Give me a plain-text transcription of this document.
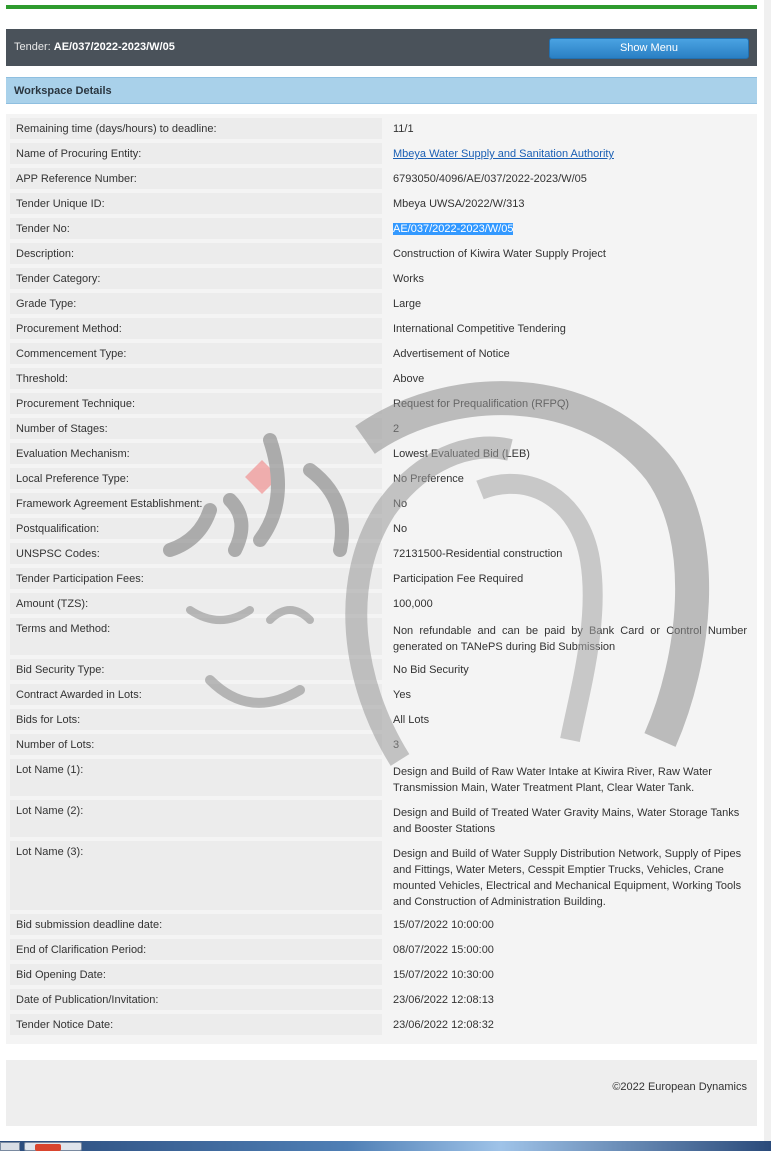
Tender: AE/037/2022-2023/W/05	Show Menu
Workspace Details
Remaining time (days/hours) to deadline:	11/1
Name of Procuring Entity:	Mbeya Water Supply and Sanitation Authority
APP Reference Number:	6793050/4096/AE/037/2022-2023/W/05
Tender Unique ID:	Mbeya UWSA/2022/W/313
Tender No:	AE/037/2022-2023/W/05
Description:	Construction of Kiwira Water Supply Project
Tender Category:	Works
Grade Type:	Large
Procurement Method:	International Competitive Tendering
Commencement Type:	Advertisement of Notice
Threshold:	Above
Procurement Technique:	Request for Prequalification (RFPQ)
Number of Stages:	2
Evaluation Mechanism:	Lowest Evaluated Bid (LEB)
Local Preference Type:	No Preference
Framework Agreement Establishment:	No
Postqualification:	No
UNSPSC Codes:	72131500-Residential construction
Tender Participation Fees:	Participation Fee Required
Amount (TZS):	100,000
Terms and Method:	Non refundable and can be paid by Bank Card or Control Number generated on TANePS during Bid Submission
Bid Security Type:	No Bid Security
Contract Awarded in Lots:	Yes
Bids for Lots:	All Lots
Number of Lots:	3
Lot Name (1):	Design and Build of Raw Water Intake at Kiwira River, Raw Water Transmission Main, Water Treatment Plant, Clear Water Tank.
Lot Name (2):	Design and Build of Treated Water Gravity Mains, Water Storage Tanks and Booster Stations
Lot Name (3):	Design and Build of Water Supply Distribution Network, Supply of Pipes and Fittings, Water Meters, Cesspit Emptier Trucks, Vehicles, Crane mounted Vehicles, Electrical and Mechanical Equipment, Working Tools and Construction of Administration Building.
Bid submission deadline date:	15/07/2022 10:00:00
End of Clarification Period:	08/07/2022 15:00:00
Bid Opening Date:	15/07/2022 10:30:00
Date of Publication/Invitation:	23/06/2022 12:08:13
Tender Notice Date:	23/06/2022 12:08:32
©2022 European Dynamics
